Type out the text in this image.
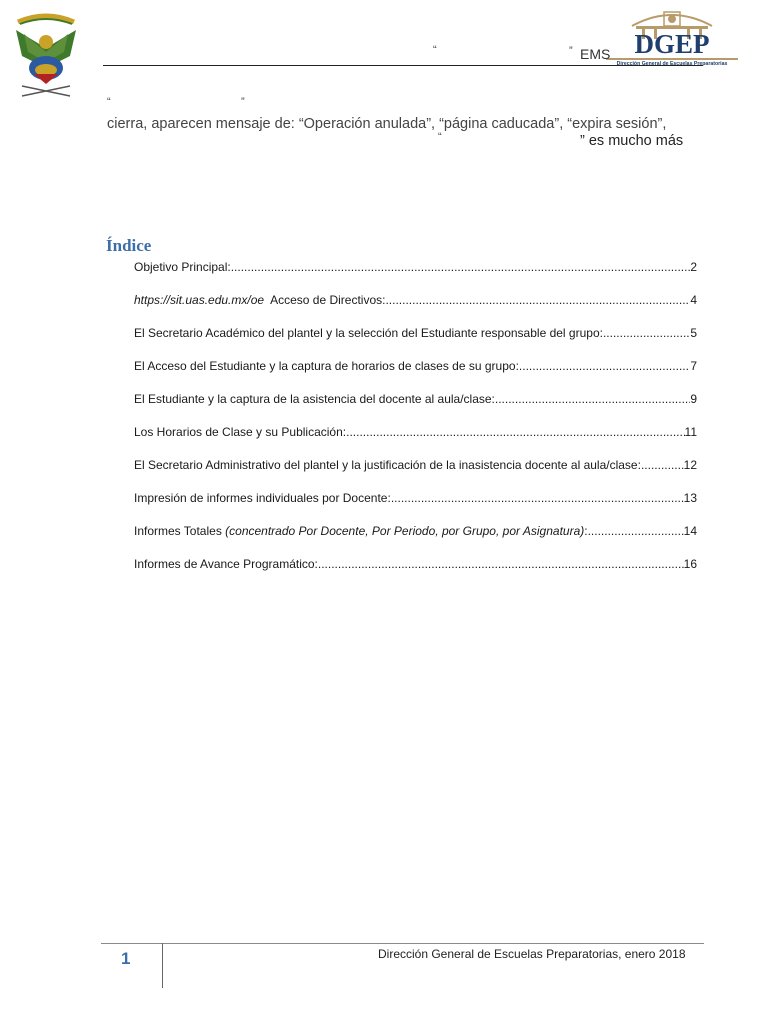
DGEP
Dirección General de Escuelas Preparatorias
“	” EMS
“	”
cierra, aparecen mensaje de: “Operación anulada”, “página caducada”, “expira sesión”,
“	” es mucho más
Índice
Objetivo Principal: .....	2
https://sit.uas.edu.mx/oe Acceso de Directivos: .....	4
El Secretario Académico del plantel y la selección del Estudiante responsable del grupo: .....	5
El Acceso del Estudiante y la captura de horarios de clases de su grupo: .....	7
El Estudiante y la captura de la asistencia del docente al aula/clase: .....	9
Los Horarios de Clase y su Publicación: .....	11
El Secretario Administrativo del plantel y la justificación de la inasistencia docente al aula/clase: .....	12
Impresión de informes individuales por Docente: .....	13
Informes Totales (concentrado Por Docente, Por Periodo, por Grupo, por Asignatura) : .....	14
Informes de Avance Programático: .....	16
1	Dirección General de Escuelas Preparatorias, enero 2018
